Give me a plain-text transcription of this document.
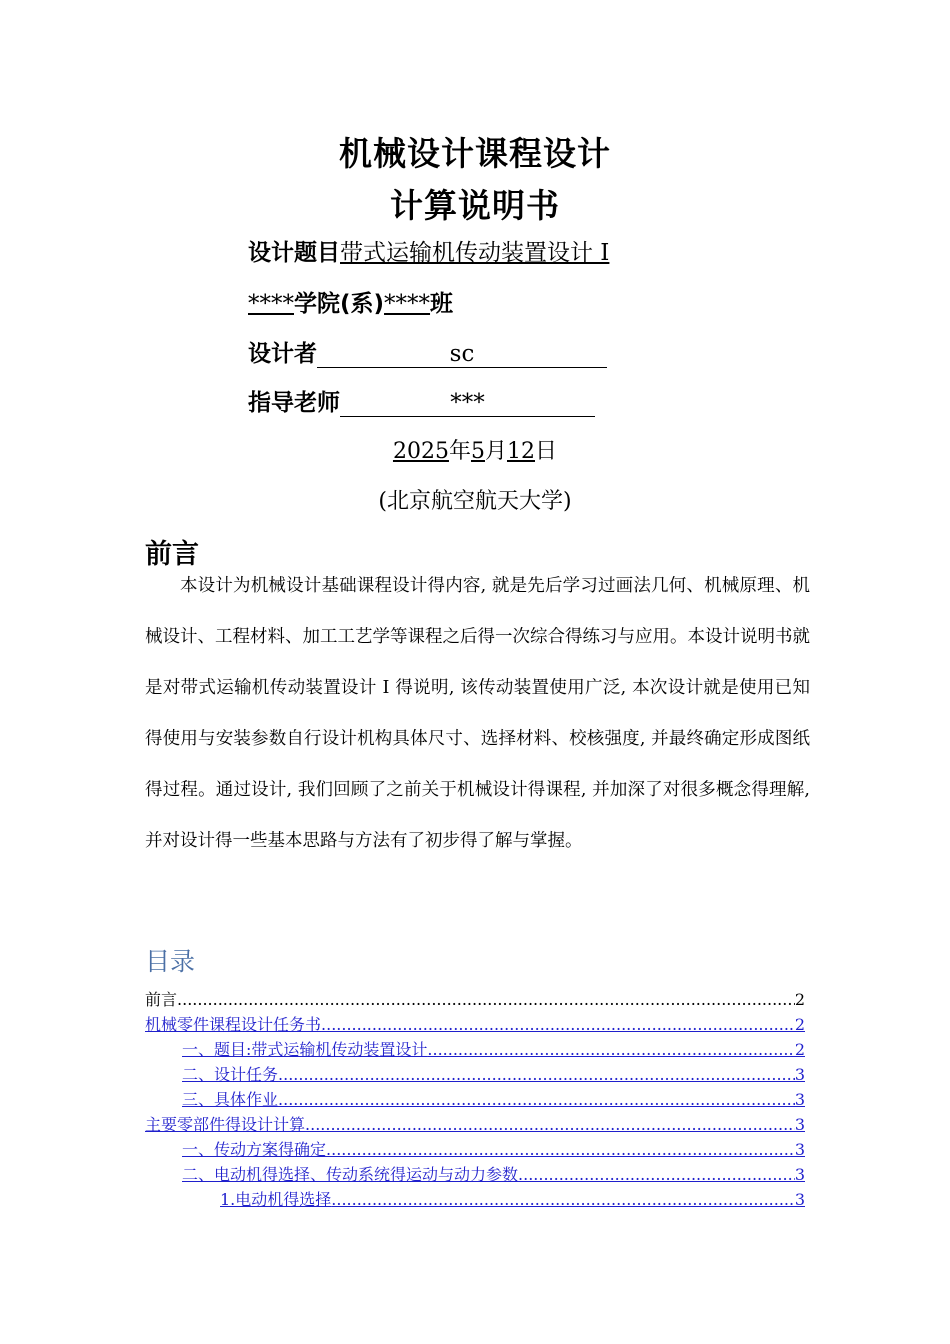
机械设计课程设计
计算说明书
设计题目带式运输机传动装置设计 I
****学院(系)****班
设计者	sc
指导老师	***
2025年5月12日
(北京航空航天大学)
前言
本设计为机械设计基础课程设计得内容, 就是先后学习过画法几何、机械原理、机械设计、工程材料、加工工艺学等课程之后得一次综合得练习与应用。本设计说明书就是对带式运输机传动装置设计 I 得说明, 该传动装置使用广泛, 本次设计就是使用已知得使用与安装参数自行设计机构具体尺寸、选择材料、校核强度, 并最终确定形成图纸得过程。通过设计, 我们回顾了之前关于机械设计得课程, 并加深了对很多概念得理解, 并对设计得一些基本思路与方法有了初步得了解与掌握。
目录
前言 .....	2
机械零件课程设计任务书 .....	2
一、题目:带式运输机传动装置设计 .....	2
二、设计任务 .....	3
三、具体作业 .....	3
主要零部件得设计计算 .....	3
一、传动方案得确定 .....	3
二、电动机得选择、传动系统得运动与动力参数 .....	3
1.电动机得选择 .....	3
